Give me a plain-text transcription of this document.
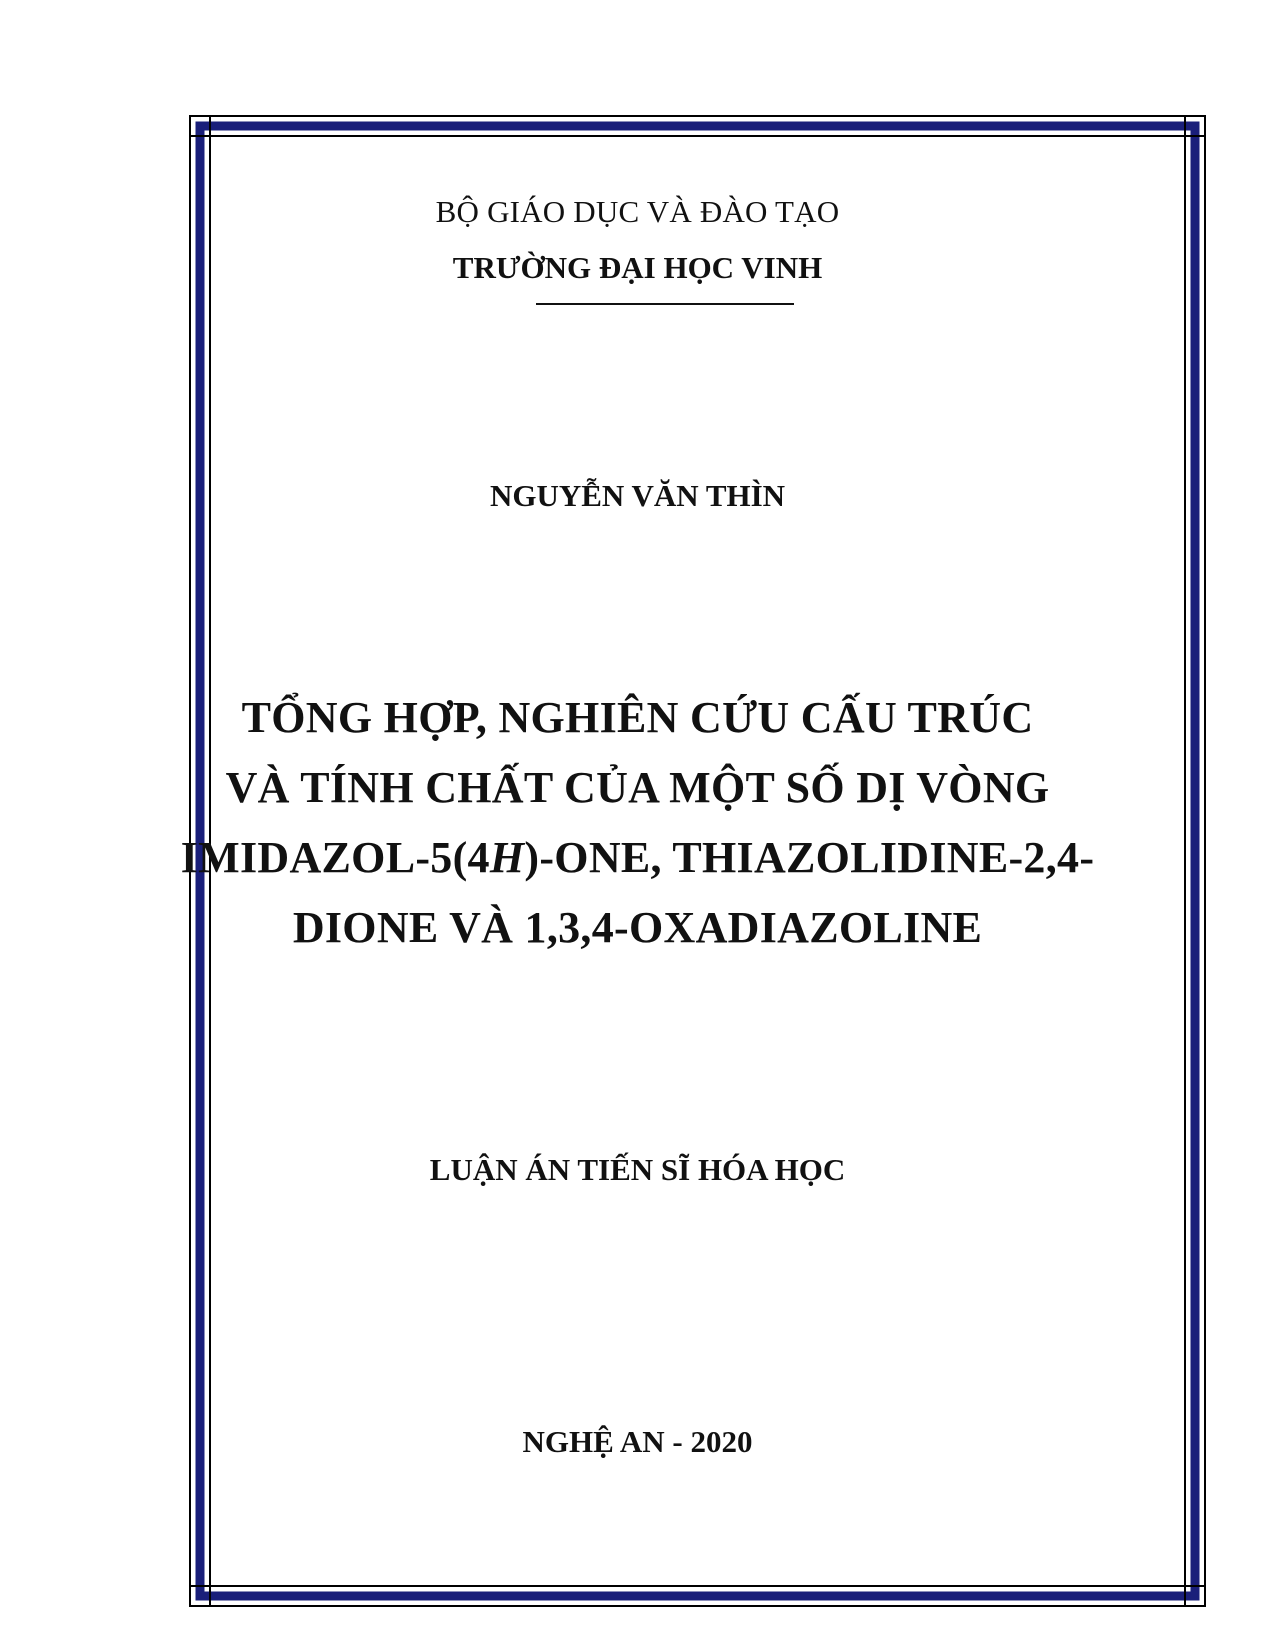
BỘ GIÁO DỤC VÀ ĐÀO TẠO
TRƯỜNG ĐẠI HỌC VINH
NGUYỄN VĂN THÌN
TỔNG HỢP, NGHIÊN CỨU CẤU TRÚC
VÀ TÍNH CHẤT CỦA MỘT SỐ DỊ VÒNG
IMIDAZOL-5(4H)-ONE, THIAZOLIDINE-2,4-
DIONE VÀ 1,3,4-OXADIAZOLINE
LUẬN ÁN TIẾN SĨ HÓA HỌC
NGHỆ AN - 2020
